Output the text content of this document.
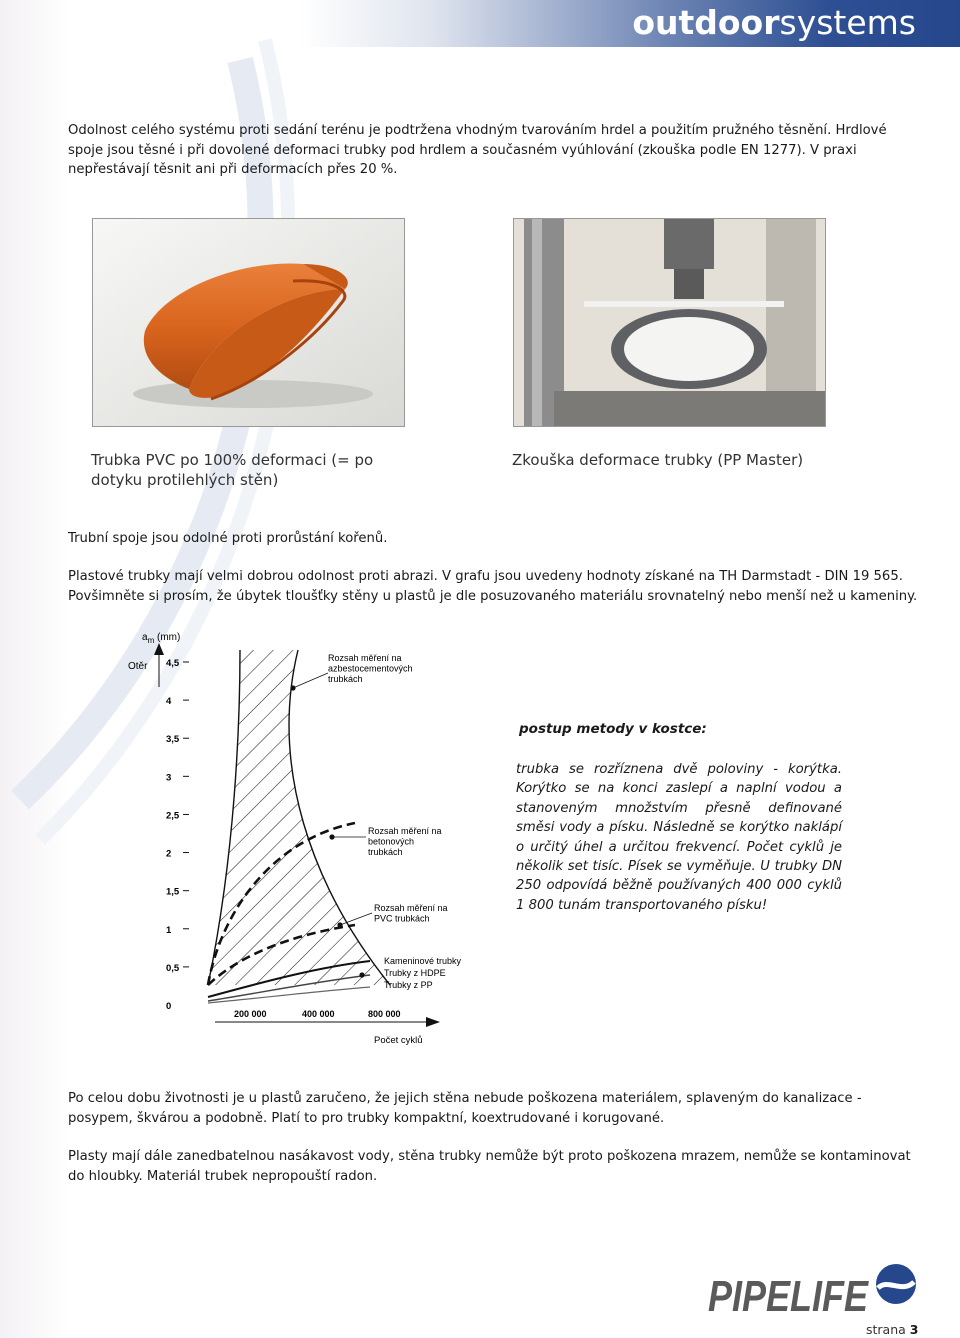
outdoorsystems
Odolnost celého systému proti sedání terénu je podtržena vhodným tvarováním hrdel a použitím pružného těsnění. Hrdlové spoje jsou těsné i při dovolené deformaci trubky pod hrdlem a současném vyúhlování (zkouška podle EN 1277). V praxi nepřestávají těsnit ani při deformacích přes 20 %.
Trubka PVC po 100% deformaci (= po dotyku protilehlých stěn)
Zkouška deformace trubky (PP Master)
Trubní spoje jsou odolné proti prorůstání kořenů.
Plastové trubky mají velmi dobrou odolnost proti abrazi. V grafu jsou uvedeny hodnoty získané na TH Darmstadt - DIN 19 565. Povšimněte si prosím, že úbytek tloušťky stěny u plastů je dle posuzovaného materiálu srovnatelný nebo menší než u kameniny.
$a_m$ (mm)
Otěr
0
0,5
1
1,5
2
2,5
3
3,5
4
4,5
200 000	400 000	800 000
Počet cyklů
Rozsah měření na azbestocementových trubkách
Rozsah měření na betonových trubkách
Rozsah měření na PVC trubkách
Kameninové trubky
Trubky z HDPE
Trubky z PP
postup metody v kostce:
trubka se rozříznena dvě poloviny - korýtka. Korýtko se na konci zaslepí a naplní vodou a stanoveným množstvím přesně definované směsi vody a písku. Následně se korýtko naklápí o určitý úhel a určitou frekvencí. Počet cyklů je několik set tisíc. Písek se vyměňuje. U trubky DN 250 odpovídá běžně používaných 400 000 cyklů 1 800 tunám transportovaného písku!
Po celou dobu životnosti je u plastů zaručeno, že jejich stěna nebude poškozena materiálem, splaveným do kanalizace - posypem, škvárou a podobně. Platí to pro trubky kompaktní, koextrudované i korugované.
Plasty mají dále zanedbatelnou nasákavost vody, stěna trubky nemůže být proto poškozena mrazem, nemůže se kontaminovat do hloubky. Materiál trubek nepropouští radon.
PIPELIFE
strana 3
